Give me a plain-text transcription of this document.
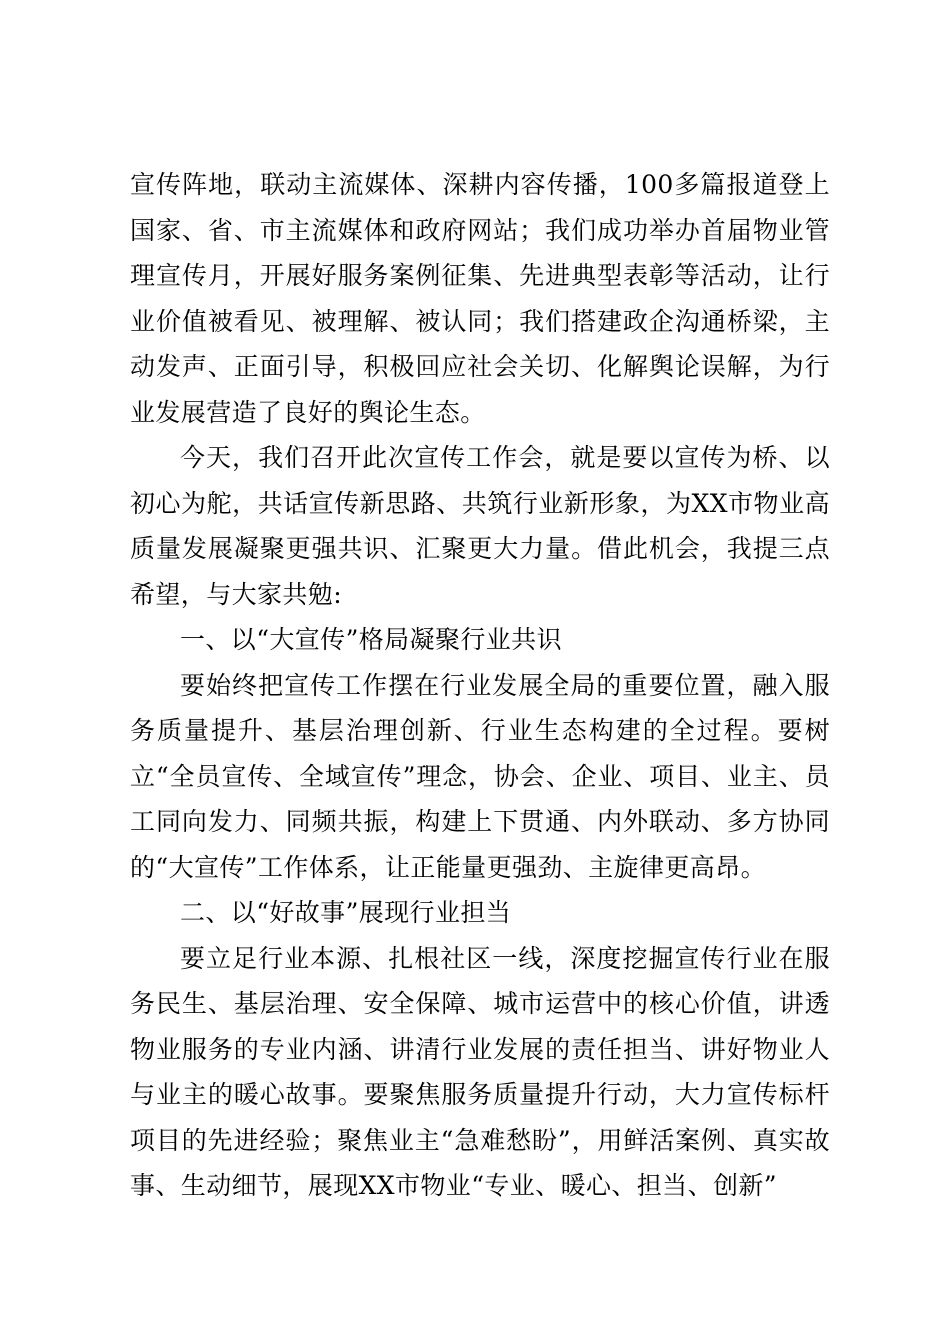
宣传阵地，联动主流媒体、深耕内容传播，100多篇报道登上国家、省、市主流媒体和政府网站；我们成功举办首届物业管理宣传月，开展好服务案例征集、先进典型表彰等活动，让行业价值被看见、被理解、被认同；我们搭建政企沟通桥梁，主动发声、正面引导，积极回应社会关切、化解舆论误解，为行业发展营造了良好的舆论生态。

今天，我们召开此次宣传工作会，就是要以宣传为桥、以初心为舵，共话宣传新思路、共筑行业新形象，为XX市物业高质量发展凝聚更强共识、汇聚更大力量。借此机会，我提三点希望，与大家共勉:

一、以“大宣传”格局凝聚行业共识

要始终把宣传工作摆在行业发展全局的重要位置，融入服务质量提升、基层治理创新、行业生态构建的全过程。要树立“全员宣传、全域宣传”理念，协会、企业、项目、业主、员工同向发力、同频共振，构建上下贯通、内外联动、多方协同的“大宣传”工作体系，让正能量更强劲、主旋律更高昂。

二、以“好故事”展现行业担当

要立足行业本源、扎根社区一线，深度挖掘宣传行业在服务民生、基层治理、安全保障、城市运营中的核心价值，讲透物业服务的专业内涵、讲清行业发展的责任担当、讲好物业人与业主的暖心故事。要聚焦服务质量提升行动，大力宣传标杆项目的先进经验；聚焦业主“急难愁盼”，用鲜活案例、真实故事、生动细节，展现XX市物业“专业、暖心、担当、创新”
